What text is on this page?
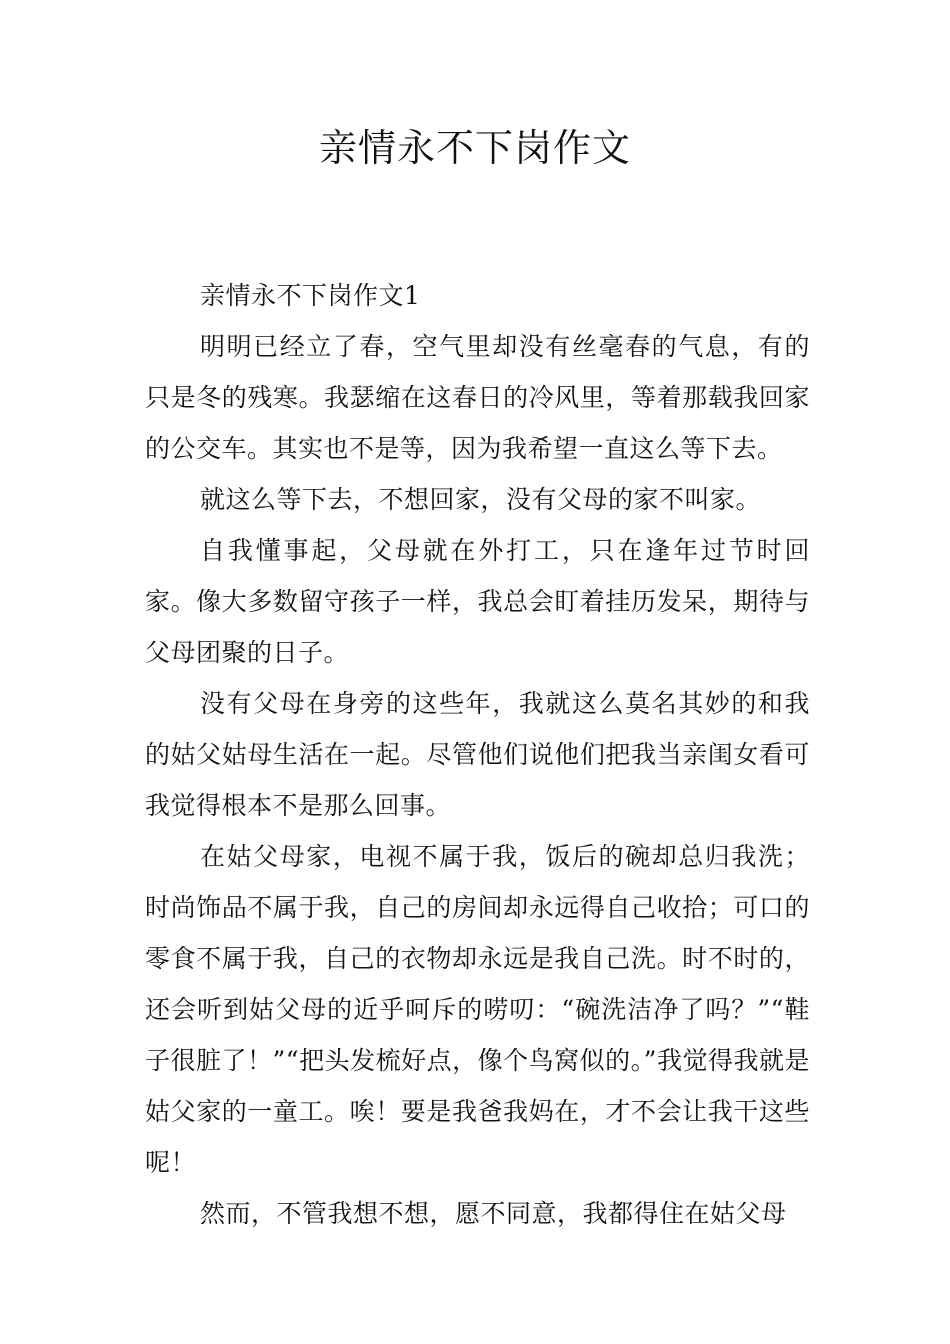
亲情永不下岗作文

亲情永不下岗作文1

明明已经立了春，空气里却没有丝毫春的气息，有的只是冬的残寒。我瑟缩在这春日的冷风里，等着那载我回家的公交车。其实也不是等，因为我希望一直这么等下去。

就这么等下去，不想回家，没有父母的家不叫家。

自我懂事起，父母就在外打工，只在逢年过节时回家。像大多数留守孩子一样，我总会盯着挂历发呆，期待与父母团聚的日子。

没有父母在身旁的这些年，我就这么莫名其妙的和我的姑父姑母生活在一起。尽管他们说他们把我当亲闺女看可我觉得根本不是那么回事。

在姑父母家，电视不属于我，饭后的碗却总归我洗；时尚饰品不属于我，自己的房间却永远得自己收拾；可口的零食不属于我，自己的衣物却永远是我自己洗。时不时的，还会听到姑父母的近乎呵斥的唠叨：“碗洗洁净了吗？”“鞋子很脏了！”“把头发梳好点，像个鸟窝似的。”我觉得我就是姑父家的一童工。唉！要是我爸我妈在，才不会让我干这些呢！

然而，不管我想不想，愿不同意，我都得住在姑父母
